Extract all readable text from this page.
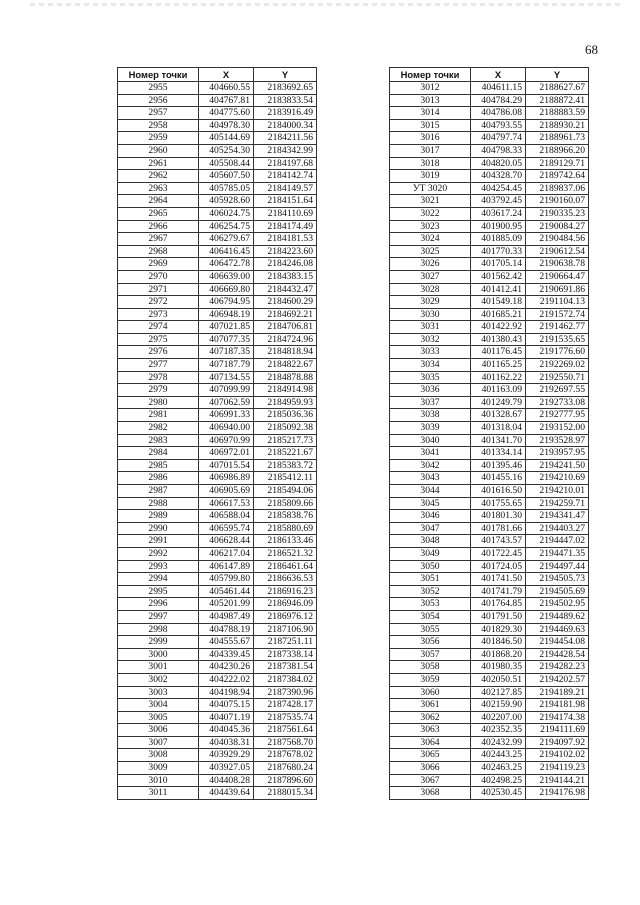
68
Номер точки	X	Y
2955	404660.55	2183692.65
2956	404767.81	2183833.54
2957	404775.60	2183916.49
2958	404978.30	2184000.34
2959	405144.69	2184211.56
2960	405254.30	2184342.99
2961	405508.44	2184197.68
2962	405607.50	2184142.74
2963	405785.05	2184149.57
2964	405928.60	2184151.64
2965	406024.75	2184110.69
2966	406254.75	2184174.49
2967	406279.67	2184181.53
2968	406416.45	2184223.60
2969	406472.78	2184246.08
2970	406639.00	2184383.15
2971	406669.80	2184432.47
2972	406794.95	2184600.29
2973	406948.19	2184692.21
2974	407021.85	2184706.81
2975	407077.35	2184724.96
2976	407187.35	2184818.94
2977	407187.79	2184822.67
2978	407134.55	2184878.88
2979	407099.99	2184914.98
2980	407062.59	2184959.93
2981	406991.33	2185036.36
2982	406940.00	2185092.38
2983	406970.99	2185217.73
2984	406972.01	2185221.67
2985	407015.54	2185383.72
2986	406986.89	2185412.11
2987	406905.69	2185494.06
2988	406617.53	2185809.66
2989	406588.04	2185838.76
2990	406595.74	2185880.69
2991	406628.44	2186133.46
2992	406217.04	2186521.32
2993	406147.89	2186461.64
2994	405799.80	2186636.53
2995	405461.44	2186916.23
2996	405201.99	2186946.09
2997	404987.49	2186976.12
2998	404788.19	2187106.90
2999	404555.67	2187251.11
3000	404339.45	2187338.14
3001	404230.26	2187381.54
3002	404222.02	2187384.02
3003	404198.94	2187390.96
3004	404075.15	2187428.17
3005	404071.19	2187535.74
3006	404045.36	2187561.64
3007	404038.31	2187568.70
3008	403929.29	2187678.02
3009	403927.05	2187680.24
3010	404408.28	2187896.60
3011	404439.64	2188015.34
Номер точки	X	Y
3012	404611.15	2188627.67
3013	404784.29	2188872.41
3014	404786.08	2188883.59
3015	404793.55	2188930.21
3016	404797.74	2188961.73
3017	404798.33	2188966.20
3018	404820.05	2189129.71
3019	404328.70	2189742.64
УТ 3020	404254.45	2189837.06
3021	403792.45	2190160.07
3022	403617.24	2190335.23
3023	401900.95	2190084.27
3024	401885.09	2190484.56
3025	401770.33	2190612.54
3026	401705.14	2190638.78
3027	401562.42	2190664.47
3028	401412.41	2190691.86
3029	401549.18	2191104.13
3030	401685.21	2191572.74
3031	401422.92	2191462.77
3032	401380.43	2191535.65
3033	401176.45	2191776.60
3034	401165.25	2192269.02
3035	401162.22	2192550.71
3036	401163.09	2192697.55
3037	401249.79	2192733.08
3038	401328.67	2192777.95
3039	401318.04	2193152.00
3040	401341.70	2193528.97
3041	401334.14	2193957.95
3042	401395.46	2194241.50
3043	401455.16	2194210.69
3044	401616.50	2194210.01
3045	401755.65	2194259.71
3046	401801.30	2194341.47
3047	401781.66	2194403.27
3048	401743.57	2194447.02
3049	401722.45	2194471.35
3050	401724.05	2194497.44
3051	401741.50	2194505.73
3052	401741.79	2194505.69
3053	401764.85	2194502.95
3054	401791.50	2194489.62
3055	401829.30	2194469.63
3056	401846.50	2194454.08
3057	401868.20	2194428.54
3058	401980.35	2194282.23
3059	402050.51	2194202.57
3060	402127.85	2194189.21
3061	402159.90	2194181.98
3062	402207.00	2194174.38
3063	402352.35	2194111.69
3064	402432.99	2194097.92
3065	402443.25	2194102.02
3066	402463.25	2194119.23
3067	402498.25	2194144.21
3068	402530.45	2194176.98
